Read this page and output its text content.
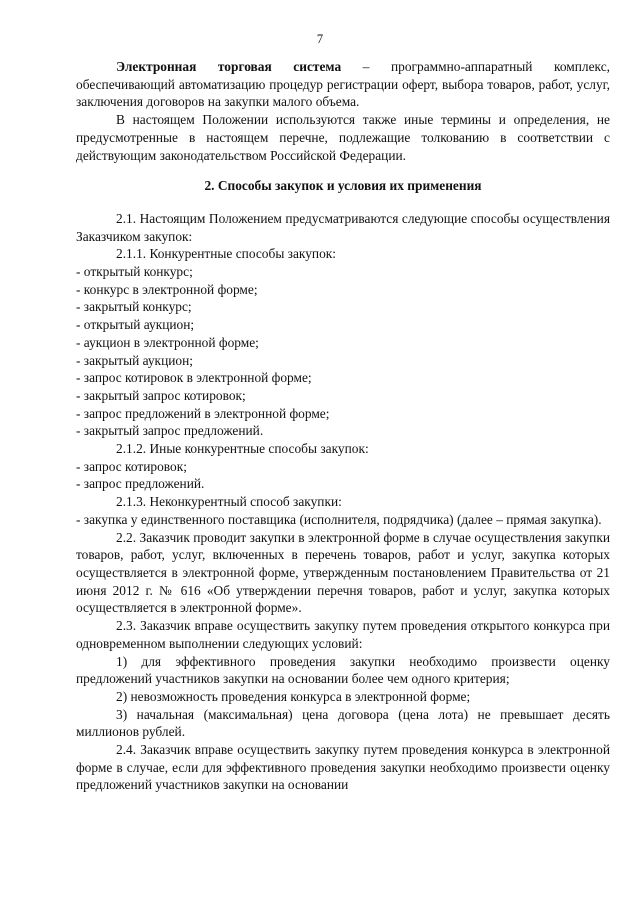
7

Электронная торговая система – программно-аппаратный комплекс, обеспечивающий автоматизацию процедур регистрации оферт, выбора товаров, работ, услуг, заключения договоров на закупки малого объема.

В настоящем Положении используются также иные термины и определения, не предусмотренные в настоящем перечне, подлежащие толкованию в соответствии с действующим законодательством Российской Федерации.

2. Способы закупок и условия их применения

2.1. Настоящим Положением предусматриваются следующие способы осуществления Заказчиком закупок:

2.1.1. Конкурентные способы закупок:

- открытый конкурс;

- конкурс в электронной форме;

- закрытый конкурс;

- открытый аукцион;

- аукцион в электронной форме;

- закрытый аукцион;

- запрос котировок в электронной форме;

- закрытый запрос котировок;

- запрос предложений в электронной форме;

- закрытый запрос предложений.

2.1.2. Иные конкурентные способы закупок:

- запрос котировок;

- запрос предложений.

2.1.3. Неконкурентный способ закупки:

- закупка у единственного поставщика (исполнителя, подрядчика) (далее – прямая закупка).

2.2. Заказчик проводит закупки в электронной форме в случае осуществления закупки товаров, работ, услуг, включенных в перечень товаров, работ и услуг, закупка которых осуществляется в электронной форме, утвержденным постановлением Правительства от 21 июня 2012 г. № 616 «Об утверждении перечня товаров, работ и услуг, закупка которых осуществляется в электронной форме».

2.3. Заказчик вправе осуществить закупку путем проведения открытого конкурса при одновременном выполнении следующих условий:

1) для эффективного проведения закупки необходимо произвести оценку предложений участников закупки на основании более чем одного критерия;

2) невозможность проведения конкурса в электронной форме;

3) начальная (максимальная) цена договора (цена лота) не превышает десять миллионов рублей.

2.4. Заказчик вправе осуществить закупку путем проведения конкурса в электронной форме в случае, если для эффективного проведения закупки необходимо произвести оценку предложений участников закупки на основании
